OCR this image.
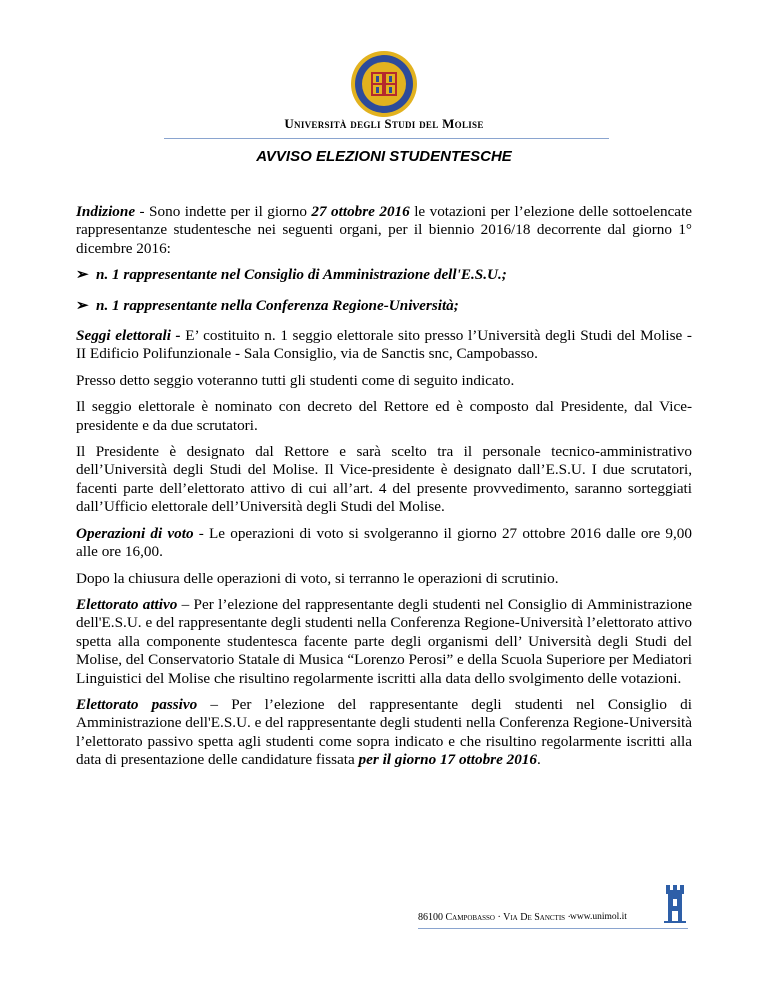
Università degli Studi del Molise
AVVISO ELEZIONI STUDENTESCHE

Indizione - Sono indette per il giorno 27 ottobre 2016 le votazioni per l’elezione delle sottoelencate rappresentanze studentesche nei seguenti organi, per il biennio 2016/18 decorrente dal giorno 1° dicembre 2016:

➢ n. 1 rappresentante nel Consiglio di Amministrazione dell'E.S.U.;
➢ n. 1 rappresentante nella Conferenza Regione-Università;

Seggi elettorali - E’ costituito n. 1 seggio elettorale sito presso l’Università degli Studi del Molise - II Edificio Polifunzionale - Sala Consiglio, via de Sanctis snc, Campobasso.

Presso detto seggio voteranno tutti gli studenti come di seguito indicato.

Il seggio elettorale è nominato con decreto del Rettore ed è composto dal Presidente, dal Vice-presidente e da due scrutatori.

Il Presidente è designato dal Rettore e sarà scelto tra il personale tecnico-amministrativo dell’Università degli Studi del Molise. Il Vice-presidente è designato dall’E.S.U. I due scrutatori, facenti parte dell’elettorato attivo di cui all’art. 4 del presente provvedimento, saranno sorteggiati dall’Ufficio elettorale dell’Università degli Studi del Molise.

Operazioni di voto - Le operazioni di voto si svolgeranno il giorno 27 ottobre 2016 dalle ore 9,00 alle ore 16,00.

Dopo la chiusura delle operazioni di voto, si terranno le operazioni di scrutinio.

Elettorato attivo – Per l’elezione del rappresentante degli studenti nel Consiglio di Amministrazione dell'E.S.U. e del rappresentante degli studenti nella Conferenza Regione-Università l’elettorato attivo spetta alla componente studentesca facente parte degli organismi dell’ Università degli Studi del Molise, del Conservatorio Statale di Musica “Lorenzo Perosi” e della Scuola Superiore per Mediatori Linguistici del Molise che risultino regolarmente iscritti alla data dello svolgimento delle votazioni.

Elettorato passivo – Per l’elezione del rappresentante degli studenti nel Consiglio di Amministrazione dell'E.S.U. e del rappresentante degli studenti nella Conferenza Regione-Università l’elettorato passivo spetta agli studenti come sopra indicato e che risultino regolarmente iscritti alla data di presentazione delle candidature fissata per il giorno 17 ottobre 2016.

86100 Campobasso · Via De Sanctis · www.unimol.it
